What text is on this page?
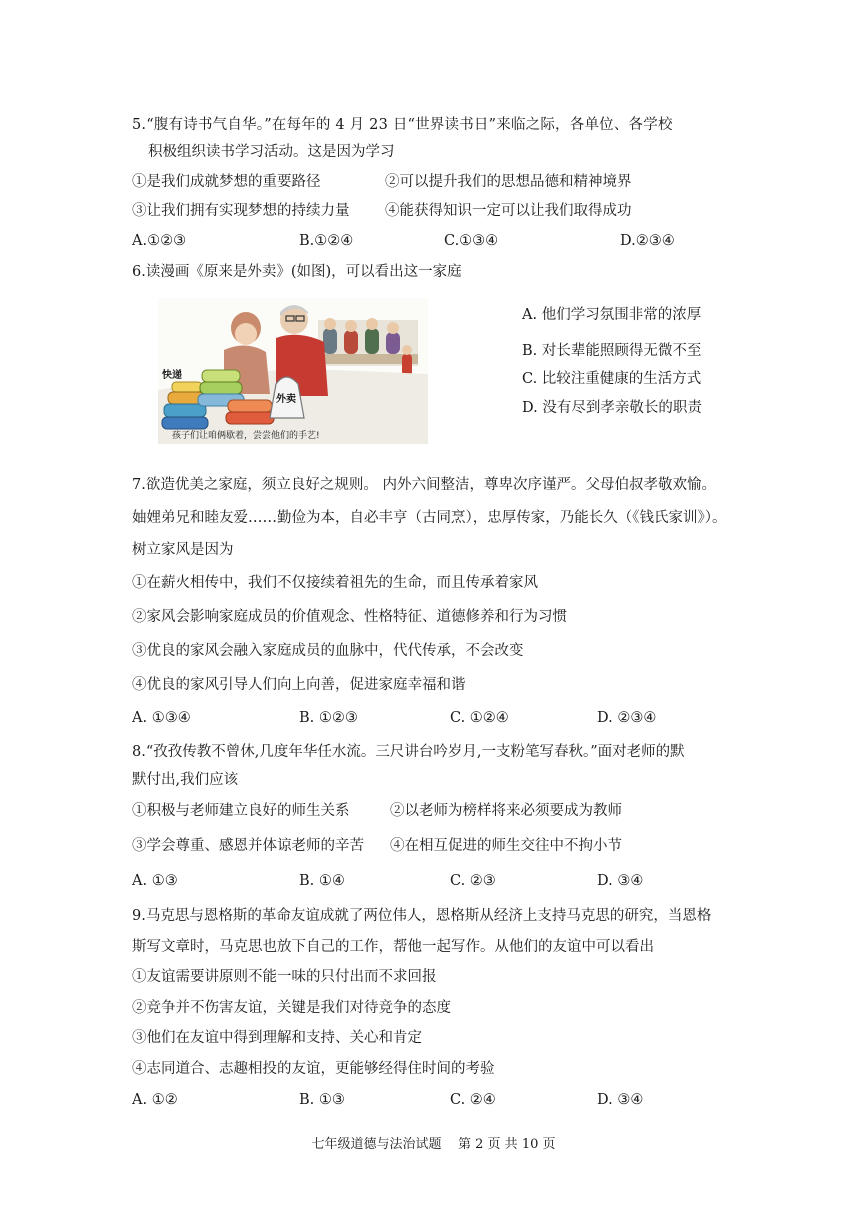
5.“腹有诗书气自华。”在每年的 4 月 23 日“世界读书日”来临之际，各单位、各学校
积极组织读书学习活动。这是因为学习
①是我们成就梦想的重要路径	②可以提升我们的思想品德和精神境界
③让我们拥有实现梦想的持续力量 ④能获得知识一定可以让我们取得成功
A.①②③	B.①②④	C.①③④	D.②③④
6.读漫画《原来是外卖》(如图)，可以看出这一家庭
快递
外卖
孩子们让咱俩歇着，尝尝他们的手艺!
A. 他们学习氛围非常的浓厚
B. 对长辈能照顾得无微不至
C. 比较注重健康的生活方式
D. 没有尽到孝亲敬长的职责
7.欲造优美之家庭，须立良好之规则。 内外六间整洁，尊卑次序谨严。父母伯叔孝敬欢愉。
妯娌弟兄和睦友爱……勤俭为本，自必丰亨（古同烹），忠厚传家，乃能长久（《钱氏家训》）。
树立家风是因为
①在薪火相传中，我们不仅接续着祖先的生命，而且传承着家风
②家风会影响家庭成员的价值观念、性格特征、道德修养和行为习惯
③优良的家风会融入家庭成员的血脉中，代代传承，不会改变
④优良的家风引导人们向上向善，促进家庭幸福和谐
A. ①③④	B. ①②③	C. ①②④	D. ②③④
8.“孜孜传教不曾休,几度年华任水流。三尺讲台吟岁月,一支粉笔写春秋。”面对老师的默
默付出,我们应该
①积极与老师建立良好的师生关系	②以老师为榜样将来必须要成为教师
③学会尊重、感恩并体谅老师的辛苦 ④在相互促进的师生交往中不拘小节
A. ①③	B. ①④	C. ②③	D. ③④
9.马克思与恩格斯的革命友谊成就了两位伟人，恩格斯从经济上支持马克思的研究，当恩格
斯写文章时，马克思也放下自己的工作，帮他一起写作。从他们的友谊中可以看出
①友谊需要讲原则不能一味的只付出而不求回报
②竞争并不伤害友谊，关键是我们对待竞争的态度
③他们在友谊中得到理解和支持、关心和肯定
④志同道合、志趣相投的友谊，更能够经得住时间的考验
A. ①②	B. ①③	C. ②④	D. ③④
七年级道德与法治试题    第 2 页 共 10 页
